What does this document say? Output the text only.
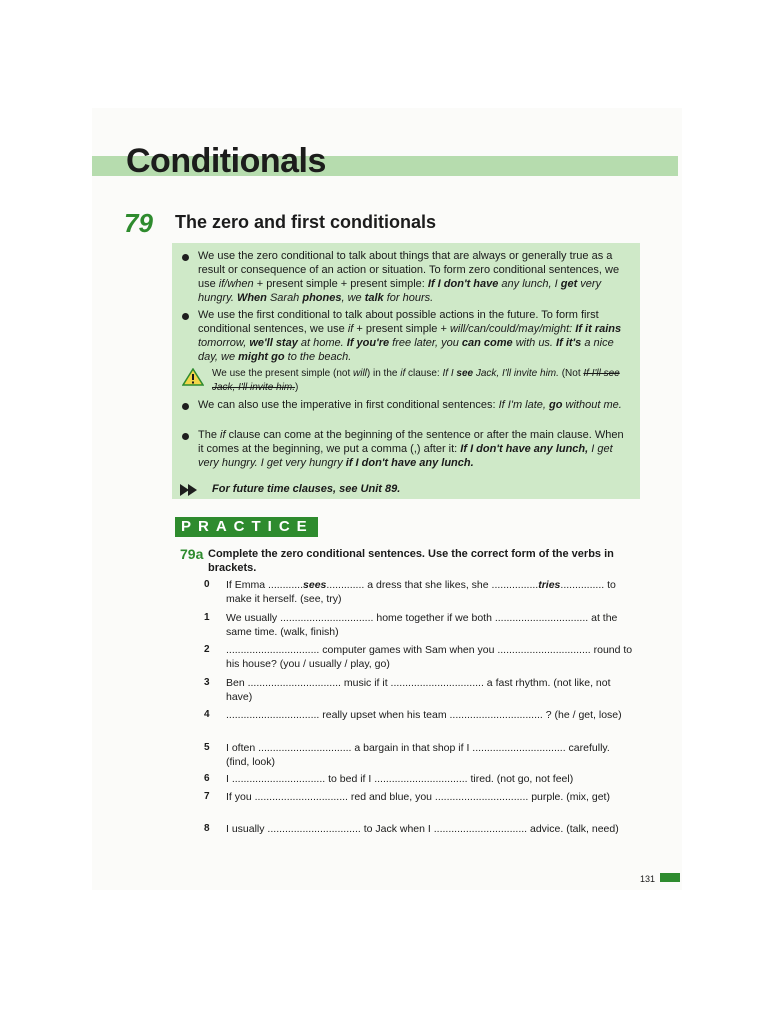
Conditionals
79 The zero and first conditionals
We use the zero conditional to talk about things that are always or generally true as a result or consequence of an action or situation. To form zero conditional sentences, we use if/when + present simple + present simple: If I don't have any lunch, I get very hungry. When Sarah phones, we talk for hours.
We use the first conditional to talk about possible actions in the future. To form first conditional sentences, we use if + present simple + will/can/could/may/might: If it rains tomorrow, we'll stay at home. If you're free later, you can come with us. If it's a nice day, we might go to the beach.
We use the present simple (not will) in the if clause: If I see Jack, I'll invite him. (Not If I'll see Jack, I'll invite him.)
We can also use the imperative in first conditional sentences: If I'm late, go without me.
The if clause can come at the beginning of the sentence or after the main clause. When it comes at the beginning, we put a comma (,) after it: If I don't have any lunch, I get very hungry. I get very hungry if I don't have any lunch.
For future time clauses, see Unit 89.
PRACTICE
79a Complete the zero conditional sentences. Use the correct form of the verbs in brackets.
0	If Emma ............sees............. a dress that she likes, she ................tries............... to make it herself. (see, try)
1	We usually ................................ home together if we both ................................ at the same time. (walk, finish)
2	................................ computer games with Sam when you ................................ round to his house? (you / usually / play, go)
3	Ben ................................ music if it ................................ a fast rhythm. (not like, not have)
4	................................ really upset when his team ................................ ? (he / get, lose)
5	I often ................................ a bargain in that shop if I ................................ carefully. (find, look)
6	I ................................ to bed if I ................................ tired. (not go, not feel)
7	If you ................................ red and blue, you ................................ purple. (mix, get)
8	I usually ................................ to Jack when I ................................ advice. (talk, need)
131
